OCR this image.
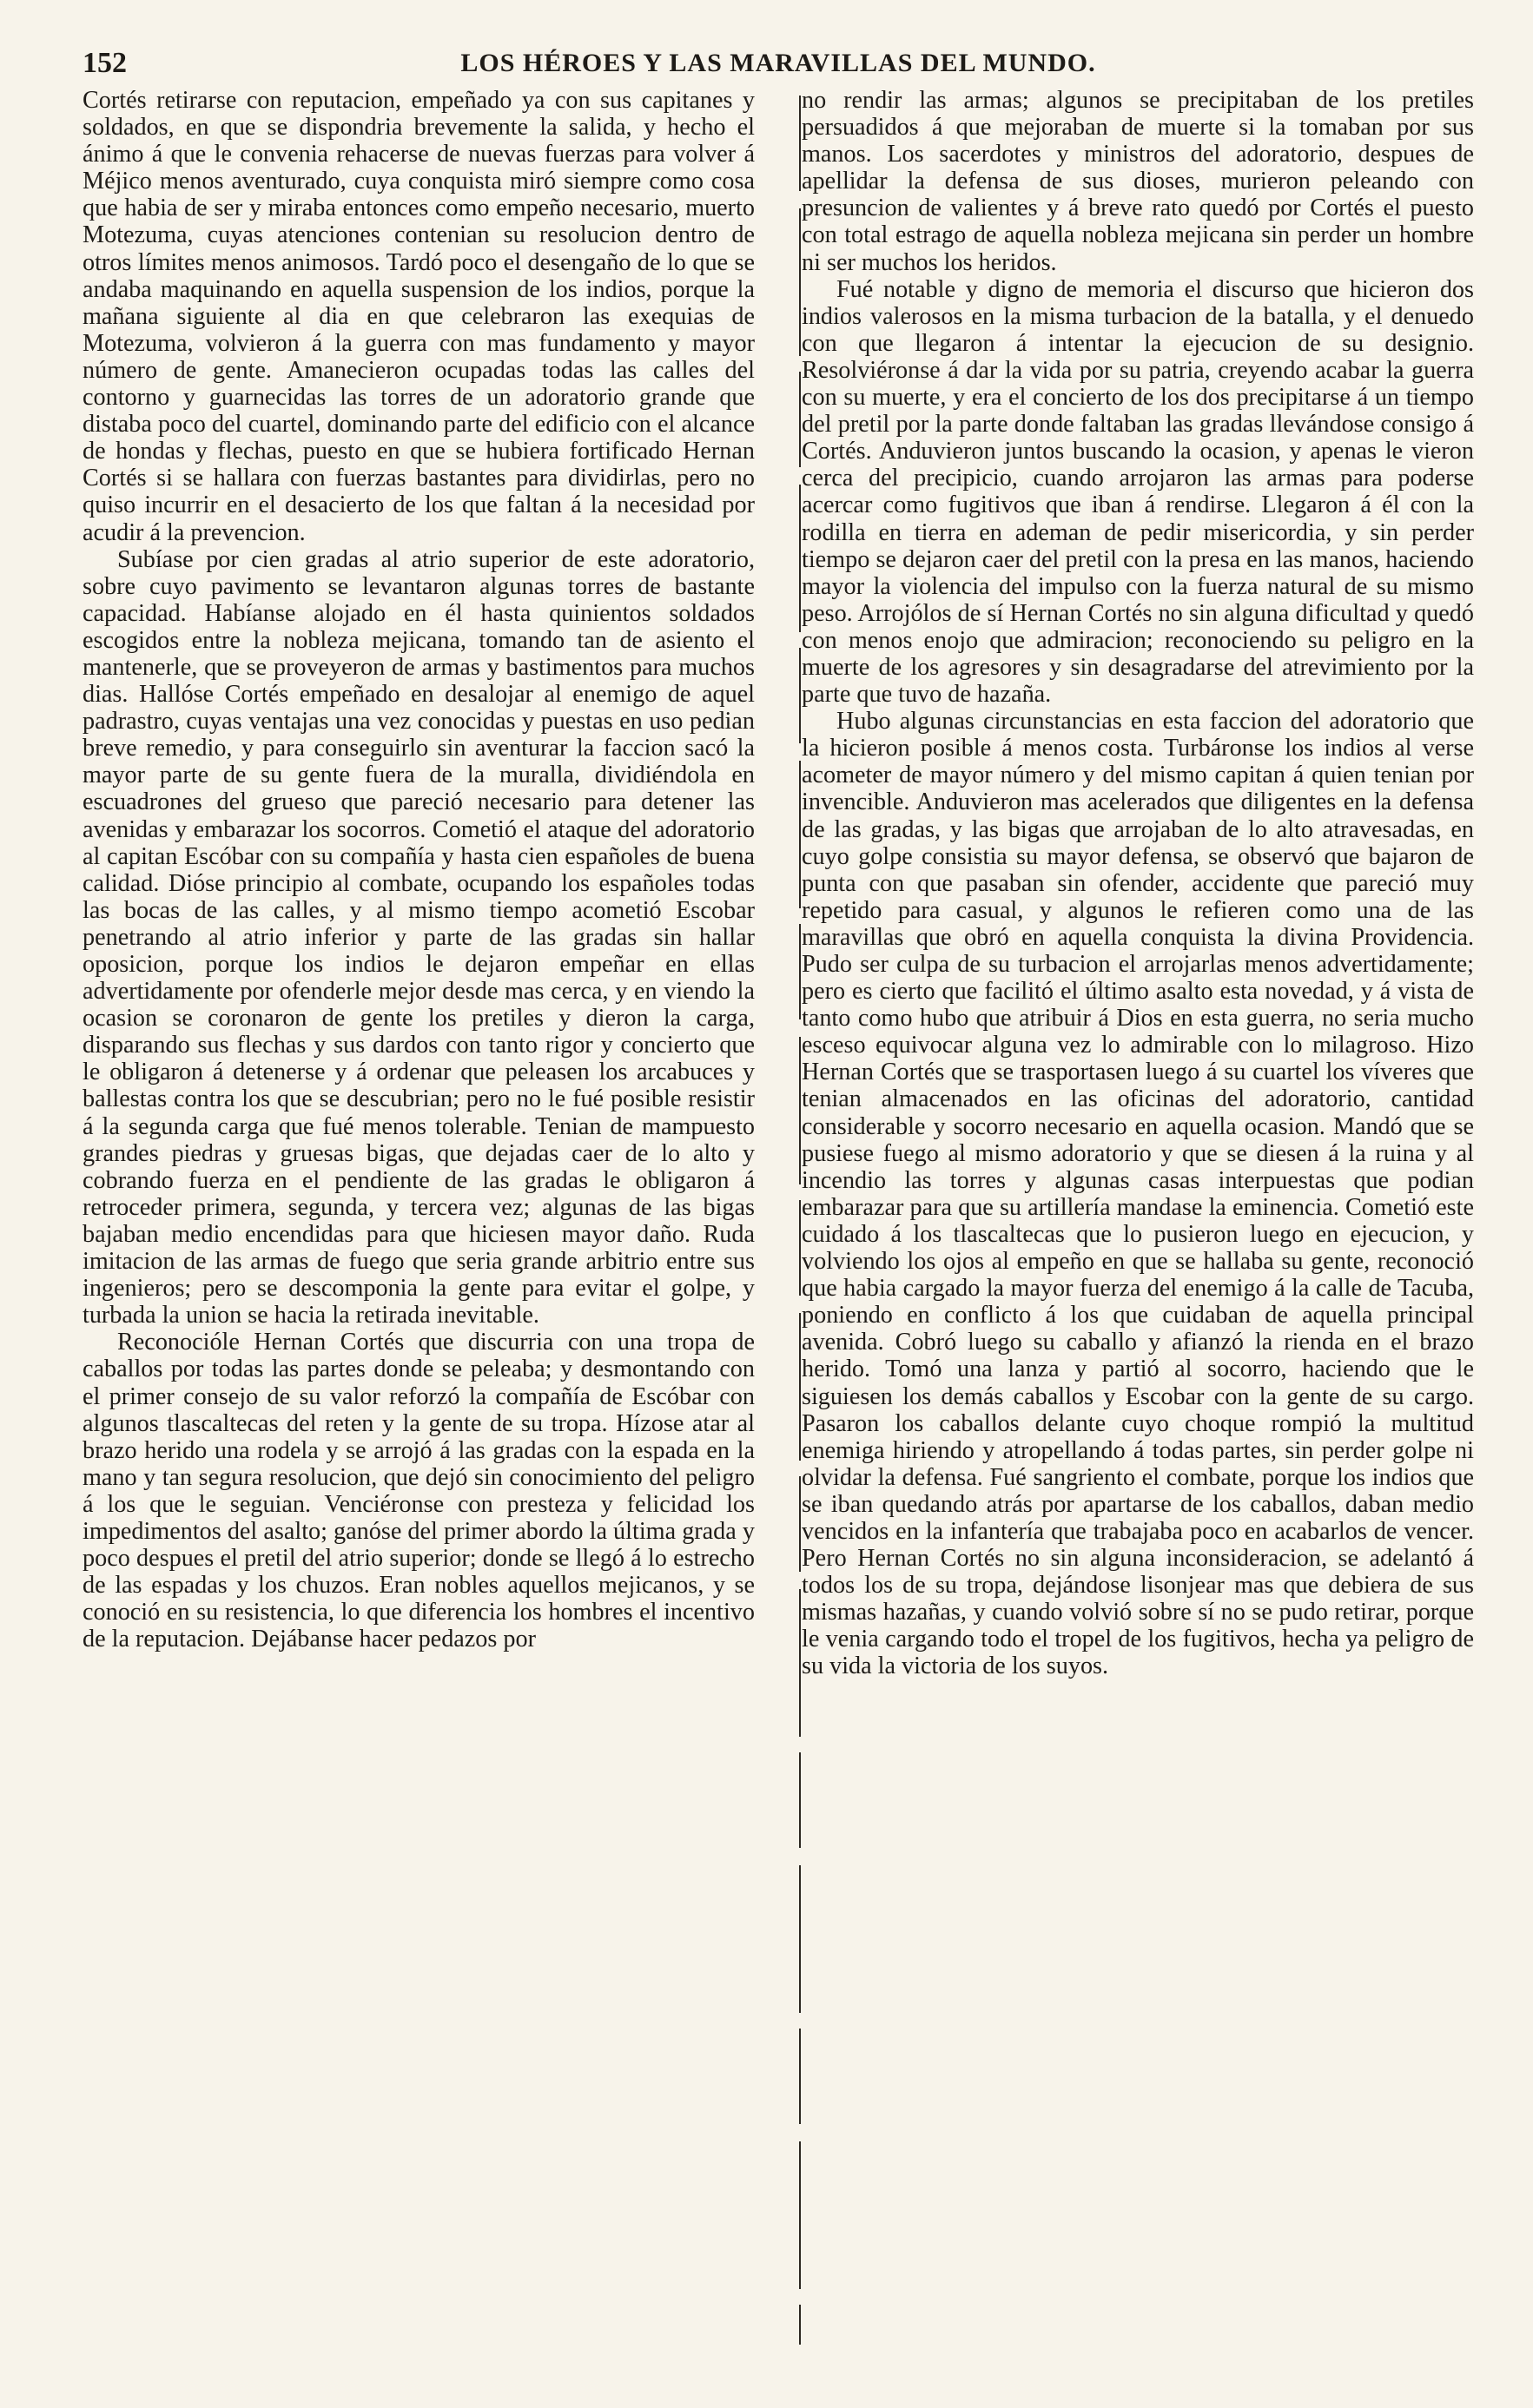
152	LOS HÉROES Y LAS MARAVILLAS DEL MUNDO.

Cortés retirarse con reputacion, empeñado ya con sus capitanes y soldados, en que se dispondria brevemente la salida, y hecho el ánimo á que le convenia rehacerse de nuevas fuerzas para volver á Méjico menos aventurado, cuya conquista miró siempre como cosa que habia de ser y miraba entonces como empeño necesario, muerto Motezuma, cuyas atenciones contenian su resolucion dentro de otros límites menos animosos. Tardó poco el desengaño de lo que se andaba maquinando en aquella suspension de los indios, porque la mañana siguiente al dia en que celebraron las exequias de Motezuma, volvieron á la guerra con mas fundamento y mayor número de gente. Amanecieron ocupadas todas las calles del contorno y guarnecidas las torres de un adoratorio grande que distaba poco del cuartel, dominando parte del edificio con el alcance de hondas y flechas, puesto en que se hubiera fortificado Hernan Cortés si se hallara con fuerzas bastantes para dividirlas, pero no quiso incurrir en el desacierto de los que faltan á la necesidad por acudir á la prevencion.

Subíase por cien gradas al atrio superior de este adoratorio, sobre cuyo pavimento se levantaron algunas torres de bastante capacidad. Habíanse alojado en él hasta quinientos soldados escogidos entre la nobleza mejicana, tomando tan de asiento el mantenerle, que se proveyeron de armas y bastimentos para muchos dias. Hallóse Cortés empeñado en desalojar al enemigo de aquel padrastro, cuyas ventajas una vez conocidas y puestas en uso pedian breve remedio, y para conseguirlo sin aventurar la faccion sacó la mayor parte de su gente fuera de la muralla, dividiéndola en escuadrones del grueso que pareció necesario para detener las avenidas y embarazar los socorros. Cometió el ataque del adoratorio al capitan Escóbar con su compañía y hasta cien españoles de buena calidad. Dióse principio al combate, ocupando los españoles todas las bocas de las calles, y al mismo tiempo acometió Escobar penetrando al atrio inferior y parte de las gradas sin hallar oposicion, porque los indios le dejaron empeñar en ellas advertidamente por ofenderle mejor desde mas cerca, y en viendo la ocasion se coronaron de gente los pretiles y dieron la carga, disparando sus flechas y sus dardos con tanto rigor y concierto que le obligaron á detenerse y á ordenar que peleasen los arcabuces y ballestas contra los que se descubrian; pero no le fué posible resistir á la segunda carga que fué menos tolerable. Tenian de mampuesto grandes piedras y gruesas bigas, que dejadas caer de lo alto y cobrando fuerza en el pendiente de las gradas le obligaron á retroceder primera, segunda, y tercera vez; algunas de las bigas bajaban medio encendidas para que hiciesen mayor daño. Ruda imitacion de las armas de fuego que seria grande arbitrio entre sus ingenieros; pero se descomponia la gente para evitar el golpe, y turbada la union se hacia la retirada inevitable.

Reconocióle Hernan Cortés que discurria con una tropa de caballos por todas las partes donde se peleaba; y desmontando con el primer consejo de su valor reforzó la compañía de Escóbar con algunos tlascaltecas del reten y la gente de su tropa. Hízose atar al brazo herido una rodela y se arrojó á las gradas con la espada en la mano y tan segura resolucion, que dejó sin conocimiento del peligro á los que le seguian. Venciéronse con presteza y felicidad los impedimentos del asalto; ganóse del primer abordo la última grada y poco despues el pretil del atrio superior; donde se llegó á lo estrecho de las espadas y los chuzos. Eran nobles aquellos mejicanos, y se conoció en su resistencia, lo que diferencia los hombres el incentivo de la reputacion. Dejábanse hacer pedazos por

no rendir las armas; algunos se precipitaban de los pretiles persuadidos á que mejoraban de muerte si la tomaban por sus manos. Los sacerdotes y ministros del adoratorio, despues de apellidar la defensa de sus dioses, murieron peleando con presuncion de valientes y á breve rato quedó por Cortés el puesto con total estrago de aquella nobleza mejicana sin perder un hombre ni ser muchos los heridos.

Fué notable y digno de memoria el discurso que hicieron dos indios valerosos en la misma turbacion de la batalla, y el denuedo con que llegaron á intentar la ejecucion de su designio. Resolviéronse á dar la vida por su patria, creyendo acabar la guerra con su muerte, y era el concierto de los dos precipitarse á un tiempo del pretil por la parte donde faltaban las gradas llevándose consigo á Cortés. Anduvieron juntos buscando la ocasion, y apenas le vieron cerca del precipicio, cuando arrojaron las armas para poderse acercar como fugitivos que iban á rendirse. Llegaron á él con la rodilla en tierra en ademan de pedir misericordia, y sin perder tiempo se dejaron caer del pretil con la presa en las manos, haciendo mayor la violencia del impulso con la fuerza natural de su mismo peso. Arrojólos de sí Hernan Cortés no sin alguna dificultad y quedó con menos enojo que admiracion; reconociendo su peligro en la muerte de los agresores y sin desagradarse del atrevimiento por la parte que tuvo de hazaña.

Hubo algunas circunstancias en esta faccion del adoratorio que la hicieron posible á menos costa. Turbáronse los indios al verse acometer de mayor número y del mismo capitan á quien tenian por invencible. Anduvieron mas acelerados que diligentes en la defensa de las gradas, y las bigas que arrojaban de lo alto atravesadas, en cuyo golpe consistia su mayor defensa, se observó que bajaron de punta con que pasaban sin ofender, accidente que pareció muy repetido para casual, y algunos le refieren como una de las maravillas que obró en aquella conquista la divina Providencia. Pudo ser culpa de su turbacion el arrojarlas menos advertidamente; pero es cierto que facilitó el último asalto esta novedad, y á vista de tanto como hubo que atribuir á Dios en esta guerra, no seria mucho esceso equivocar alguna vez lo admirable con lo milagroso. Hizo Hernan Cortés que se trasportasen luego á su cuartel los víveres que tenian almacenados en las oficinas del adoratorio, cantidad considerable y socorro necesario en aquella ocasion. Mandó que se pusiese fuego al mismo adoratorio y que se diesen á la ruina y al incendio las torres y algunas casas interpuestas que podian embarazar para que su artillería mandase la eminencia. Cometió este cuidado á los tlascaltecas que lo pusieron luego en ejecucion, y volviendo los ojos al empeño en que se hallaba su gente, reconoció que habia cargado la mayor fuerza del enemigo á la calle de Tacuba, poniendo en conflicto á los que cuidaban de aquella principal avenida. Cobró luego su caballo y afianzó la rienda en el brazo herido. Tomó una lanza y partió al socorro, haciendo que le siguiesen los demás caballos y Escobar con la gente de su cargo. Pasaron los caballos delante cuyo choque rompió la multitud enemiga hiriendo y atropellando á todas partes, sin perder golpe ni olvidar la defensa. Fué sangriento el combate, porque los indios que se iban quedando atrás por apartarse de los caballos, daban medio vencidos en la infantería que trabajaba poco en acabarlos de vencer. Pero Hernan Cortés no sin alguna inconsideracion, se adelantó á todos los de su tropa, dejándose lisonjear mas que debiera de sus mismas hazañas, y cuando volvió sobre sí no se pudo retirar, porque le venia cargando todo el tropel de los fugitivos, hecha ya peligro de su vida la victoria de los suyos.
